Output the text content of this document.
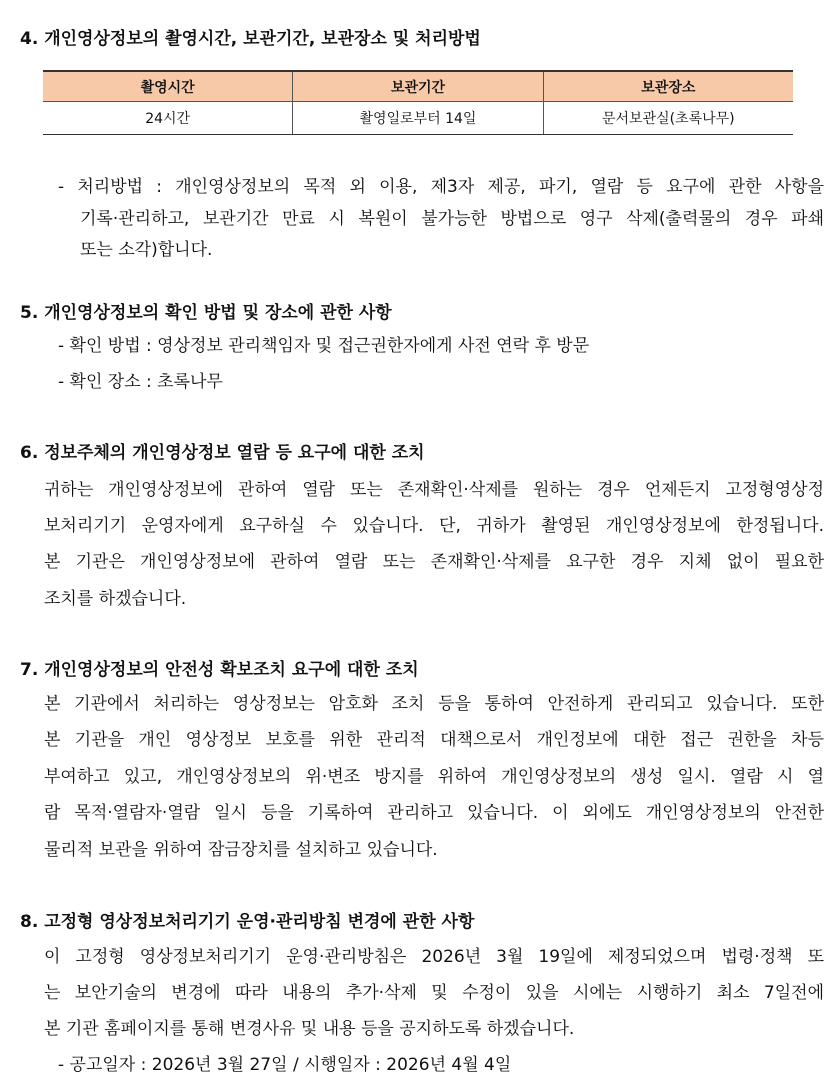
4. 개인영상정보의 촬영시간, 보관기간, 보관장소 및 처리방법
촬영시간	보관기간	보관장소
24시간	촬영일로부터 14일	문서보관실(초록나무)
- 처리방법 : 개인영상정보의 목적 외 이용, 제3자 제공, 파기, 열람 등 요구에 관한 사항을
기록·관리하고, 보관기간 만료 시 복원이 불가능한 방법으로 영구 삭제(출력물의 경우 파쇄
또는 소각)합니다.
5. 개인영상정보의 확인 방법 및 장소에 관한 사항
- 확인 방법 : 영상정보 관리책임자 및 접근권한자에게 사전 연락 후 방문
- 확인 장소 : 초록나무
6. 정보주체의 개인영상정보 열람 등 요구에 대한 조치
귀하는 개인영상정보에 관하여 열람 또는 존재확인·삭제를 원하는 경우 언제든지 고정형영상정
보처리기기 운영자에게 요구하실 수 있습니다. 단, 귀하가 촬영된 개인영상정보에 한정됩니다.
본 기관은 개인영상정보에 관하여 열람 또는 존재확인·삭제를 요구한 경우 지체 없이 필요한
조치를 하겠습니다.
7. 개인영상정보의 안전성 확보조치 요구에 대한 조치
본 기관에서 처리하는 영상정보는 암호화 조치 등을 통하여 안전하게 관리되고 있습니다. 또한
본 기관을 개인 영상정보 보호를 위한 관리적 대책으로서 개인정보에 대한 접근 권한을 차등
부여하고 있고, 개인영상정보의 위·변조 방지를 위하여 개인영상정보의 생성 일시. 열람 시 열
람 목적·열람자·열람 일시 등을 기록하여 관리하고 있습니다. 이 외에도 개인영상정보의 안전한
물리적 보관을 위하여 잠금장치를 설치하고 있습니다.
8. 고정형 영상정보처리기기 운영·관리방침 변경에 관한 사항
이 고정형 영상정보처리기기 운영·관리방침은 2026년 3월 19일에 제정되었으며 법령·정책 또
는 보안기술의 변경에 따라 내용의 추가·삭제 및 수정이 있을 시에는 시행하기 최소 7일전에
본 기관 홈페이지를 통해 변경사유 및 내용 등을 공지하도록 하겠습니다.
- 공고일자 : 2026년 3월 27일 / 시행일자 : 2026년 4월 4일
